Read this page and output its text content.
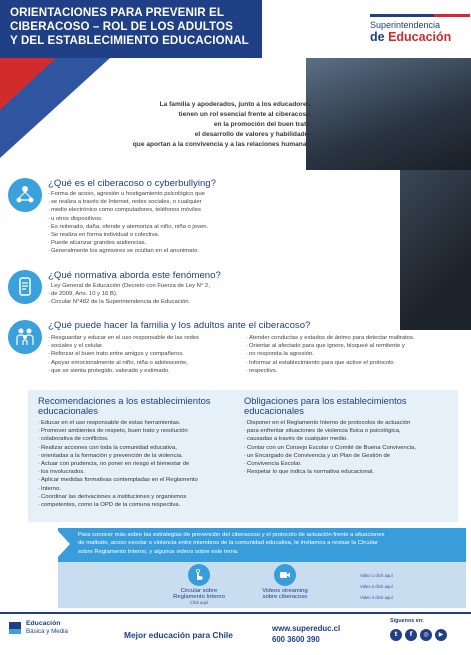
ORIENTACIONES PARA PREVENIR EL
CIBERACOSO – ROL DE LOS ADULTOS
Y DEL ESTABLECIMIENTO EDUCACIONAL
Superintendencia
de Educación
La familia y apoderados, junto a los educadores,
tienen un rol esencial frente al ciberacoso,
en la promoción del buen trato,
el desarrollo de valores y habilidades
que aportan a la convivencia y a las relaciones humanas.
¿Qué es el ciberacoso o cyberbullying?
· Forma de acoso, agresión u hostigamiento psicológico que
· se realiza a través de Internet, redes sociales, o cualquier
· medio electrónico como computadores, teléfonos móviles
· u otros dispositivos.
· Es reiterado, daña, ofende y atemoriza al niño, niña o joven.
· Se realiza en forma individual o colectiva.
· Puede alcanzar grandes audiencias.
· Generalmente los agresores se ocultan en el anonimato.
¿Qué normativa aborda este fenómeno?
· Ley General de Educación (Decreto con Fuerza de Ley N° 2,
· de 2009, Arts. 10 y 16 B).
· Circular N°482 de la Superintendencia de Educación.
¿Qué puede hacer la familia y los adultos ante el ciberacoso?
· Resguardar y educar en el uso responsable de las redes
· sociales y el celular.
· Reforzar el buen trato entre amigos y compañeros.
· Apoyar emocionalmente al niño, niña o adolescente,
· que se sienta protegido, valorado y estimado.
· Atender conductas y estados de ánimo para detectar maltratos.
· Orientar al afectado para que ignore, bloqueé al remitente y
· no responda la agresión.
· Informar al establecimiento para que active el protocolo
· respectivo.
Recomendaciones a los establecimientos
educacionales
· Educar en el uso responsable de estas herramientas.
· Promover ambientes de respeto, buen trato y resolución
· colaborativa de conflictos.
· Realizar acciones con toda la comunidad educativa,
· orientadas a la formación y prevención de la violencia.
· Actuar con prudencia, no poner en riesgo el bienestar de
· los involucrados.
· Aplicar medidas formativas contempladas en el Reglamento
· Interno.
· Coordinar las derivaciones a instituciones y organismos
· competentes, como la OPD de la comuna respectiva.
Obligaciones para los establecimientos
educacionales
· Disponer en el Reglamento Interno de protocolos de actuación
· para enfrentar situaciones de violencia física o psicológica,
· causadas a través de cualquier medio.
· Contar con un Consejo Escolar o Comité de Buena Convivencia,
· un Encargado de Convivencia y un Plan de Gestión de
· Convivencia Escolar.
· Respetar lo que indica la normativa educacional.
Para conocer más sobre las estrategias de prevención del ciberacoso y el protocolo de actuación frente a situaciones
de maltrato, acoso escolar o violencia entre miembros de la comunidad educativa, te invitamos a revisar la Circular
sobre Reglamento Interno, y algunos videos sobre este tema.
Circular sobre
Reglamento Interno
Click aquí
Videos streaming
sobre ciberacoso
Video 1 click aquí
Video 2 click aquí
Video 3 click aquí
Educación
Básica y Media	Mejor educación para Chile
www.supereduc.cl
600 3600 390
Síguenos en:
t	f	◎	▶
